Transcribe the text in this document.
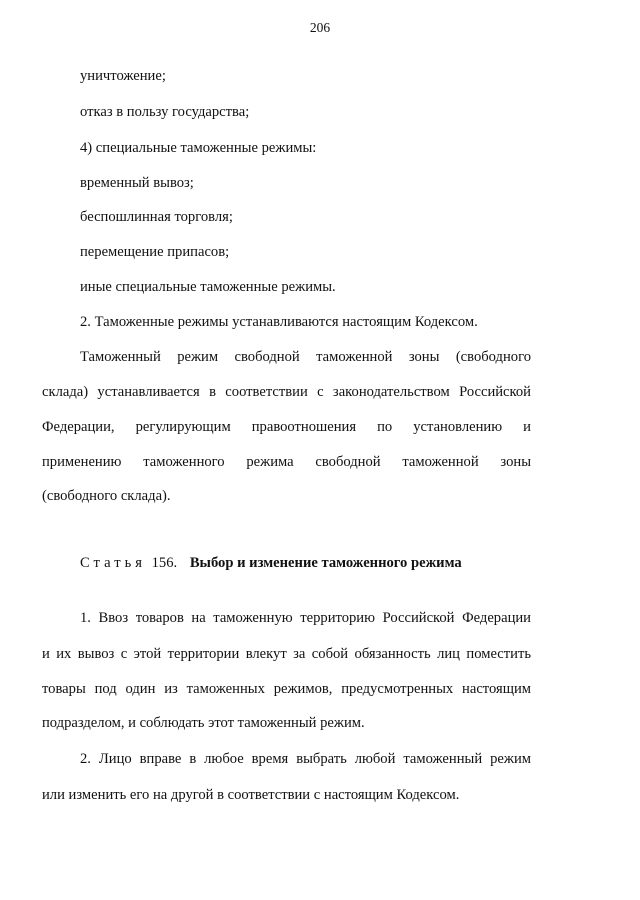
206
уничтожение;
отказ в пользу государства;
4) специальные таможенные режимы:
временный вывоз;
беспошлинная торговля;
перемещение припасов;
иные специальные таможенные режимы.
2. Таможенные режимы устанавливаются настоящим Кодексом.
Таможенный режим свободной таможенной зоны (свободного
склада) устанавливается в соответствии с законодательством Российской
Федерации, регулирующим правоотношения по установлению и
применению таможенного режима свободной таможенной зоны
(свободного склада).
Статья 156. Выбор и изменение таможенного режима
1. Ввоз товаров на таможенную территорию Российской Федерации
и их вывоз с этой территории влекут за собой обязанность лиц поместить
товары под один из таможенных режимов, предусмотренных настоящим
подразделом, и соблюдать этот таможенный режим.
2. Лицо вправе в любое время выбрать любой таможенный режим
или изменить его на другой в соответствии с настоящим Кодексом.
